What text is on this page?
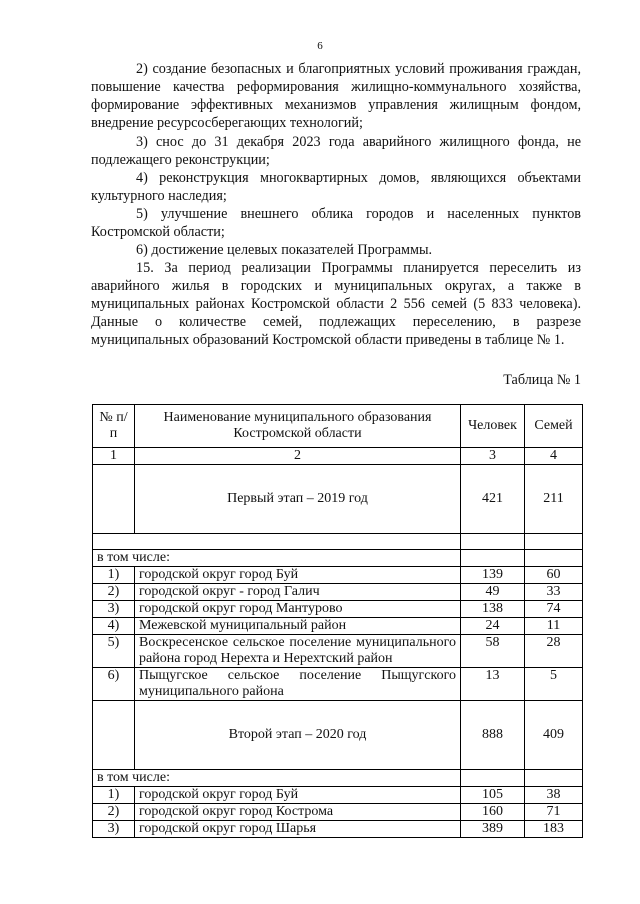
6

2) создание безопасных и благоприятных условий проживания граждан, повышение качества реформирования жилищно-коммунального хозяйства, формирование эффективных механизмов управления жилищным фондом, внедрение ресурсосберегающих технологий;

3) снос до 31 декабря 2023 года аварийного жилищного фонда, не подлежащего реконструкции;

4) реконструкция многоквартирных домов, являющихся объектами культурного наследия;

5) улучшение внешнего облика городов и населенных пунктов Костромской области;

6) достижение целевых показателей Программы.

15. За период реализации Программы планируется переселить из аварийного жилья в городских и муниципальных округах, а также в муниципальных районах Костромской области 2 556 семей (5 833 человека). Данные о количестве семей, подлежащих переселению, в разрезе муниципальных образований Костромской области приведены в таблице № 1.

Таблица № 1
№ п/п	Наименование муниципального образования Костромской области	Человек	Семей
1	2	3	4
	Первый этап – 2019 год	421	211

в том числе:			
1)	городской округ город Буй	139	60
2)	городской округ - город Галич	49	33
3)	городской округ город Мантурово	138	74
4)	Межевской муниципальный район	24	11
5)	Воскресенское сельское поселение муниципального района город Нерехта и Нерехтский район	58	28
6)	Пыщугское сельское поселение Пыщугского муниципального района	13	5
	Второй этап – 2020 год	888	409
в том числе:			
1)	городской округ город Буй	105	38
2)	городской округ город Кострома	160	71
3)	городской округ город Шарья	389	183
